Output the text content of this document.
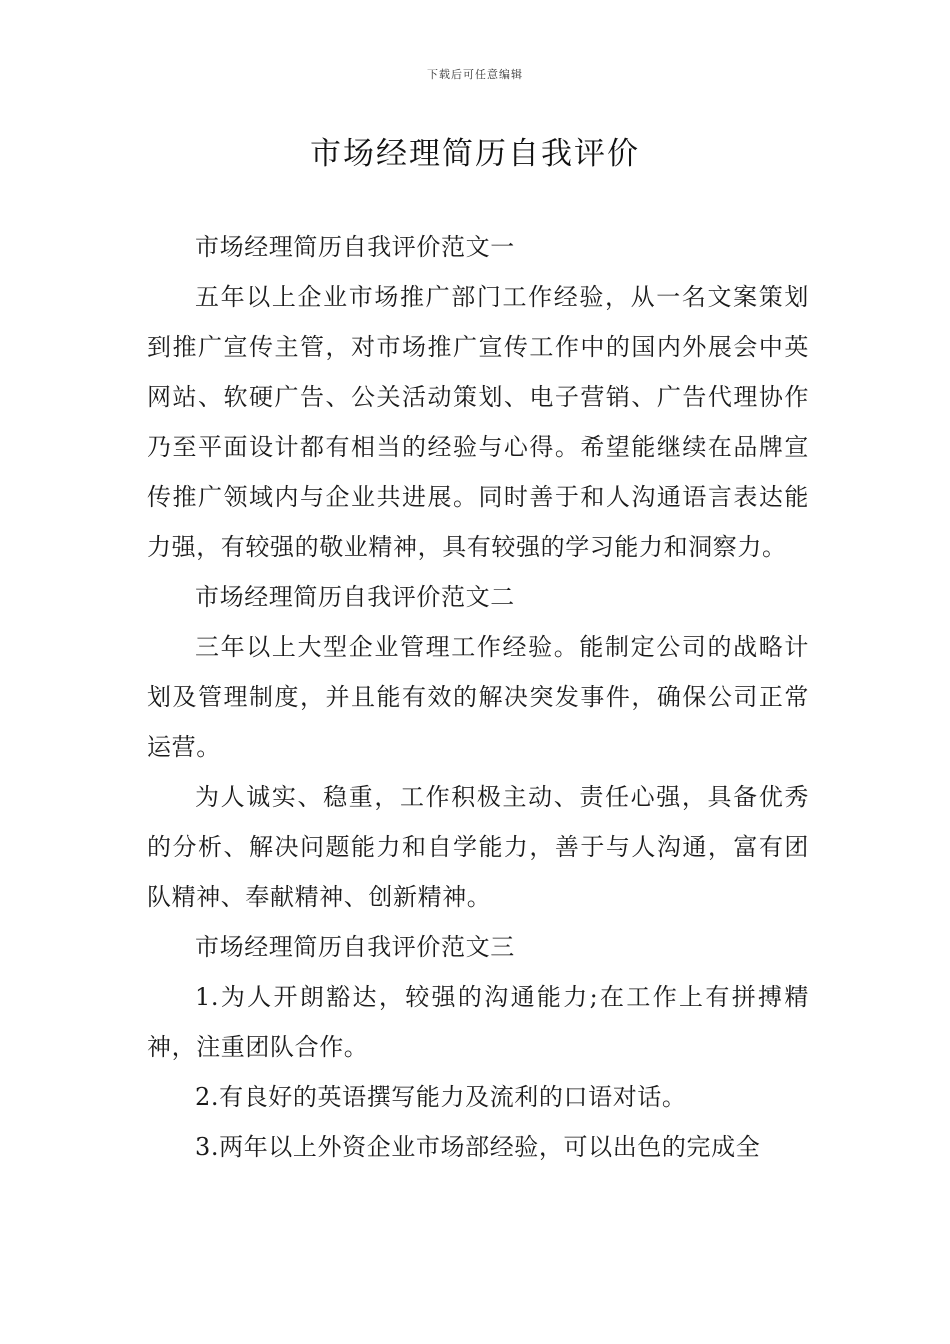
下载后可任意编辑
市场经理简历自我评价

市场经理简历自我评价范文一

五年以上企业市场推广部门工作经验，从一名文案策划到推广宣传主管，对市场推广宣传工作中的国内外展会中英网站、软硬广告、公关活动策划、电子营销、广告代理协作乃至平面设计都有相当的经验与心得。希望能继续在品牌宣传推广领域内与企业共进展。同时善于和人沟通语言表达能力强，有较强的敬业精神，具有较强的学习能力和洞察力。

市场经理简历自我评价范文二

三年以上大型企业管理工作经验。能制定公司的战略计划及管理制度，并且能有效的解决突发事件，确保公司正常运营。

为人诚实、稳重，工作积极主动、责任心强，具备优秀的分析、解决问题能力和自学能力，善于与人沟通，富有团队精神、奉献精神、创新精神。

市场经理简历自我评价范文三

1.为人开朗豁达，较强的沟通能力;在工作上有拼搏精神，注重团队合作。

2.有良好的英语撰写能力及流利的口语对话。

3.两年以上外资企业市场部经验，可以出色的完成全
